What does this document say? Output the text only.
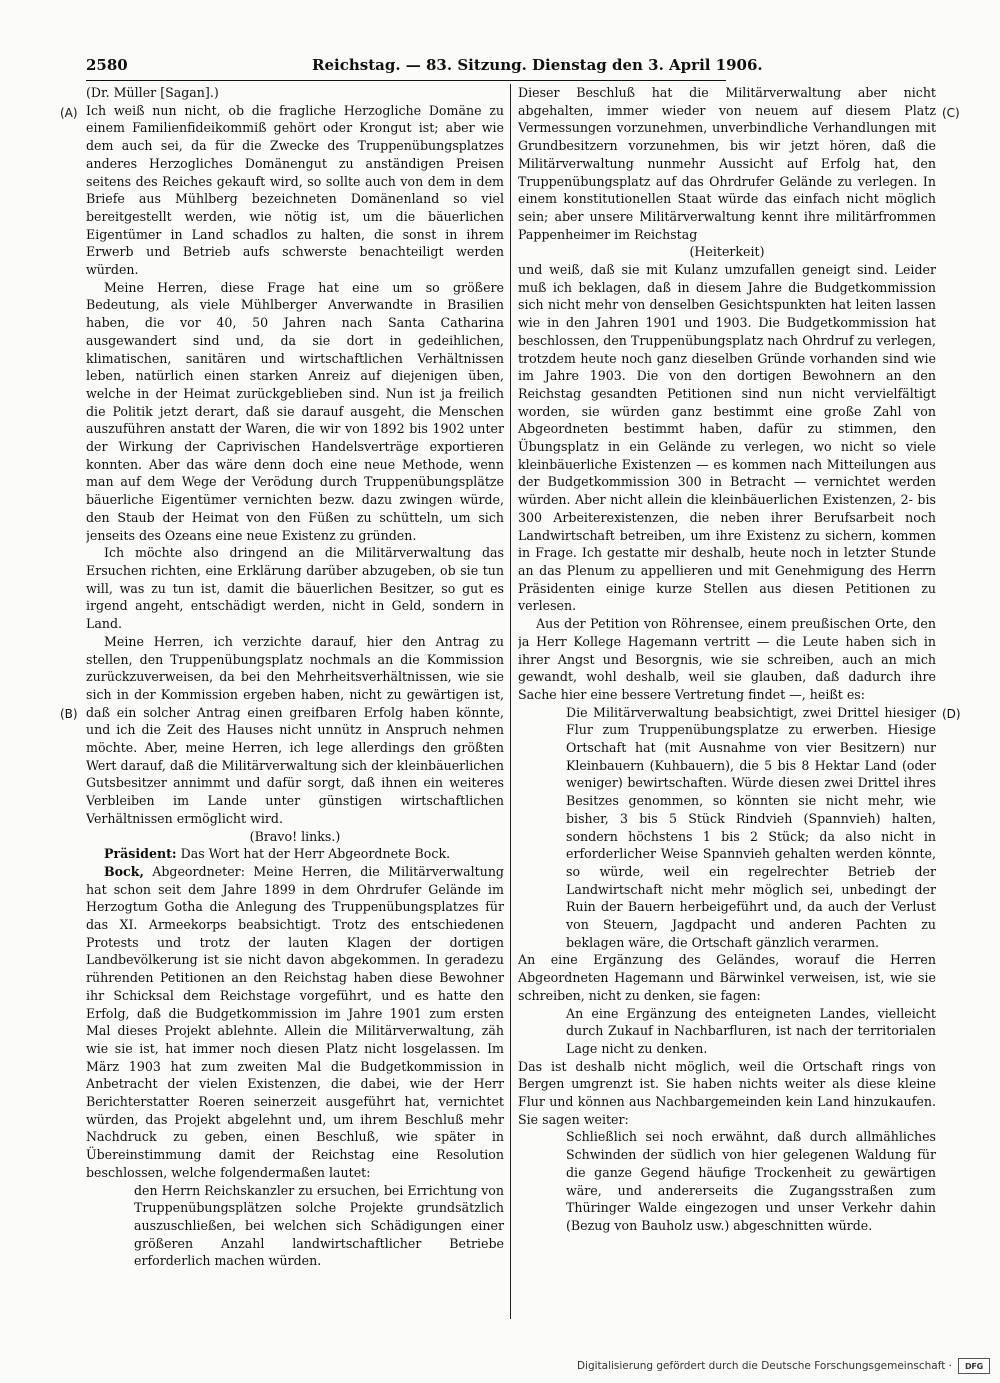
2580	Reichstag. — 83. Sitzung. Dienstag den 3. April 1906.
(A)
(B)
(C)
(D)

(Dr. Müller [Sagan].)

Ich weiß nun nicht, ob die fragliche Herzogliche Domäne zu einem Familienfideikommiß gehört oder Krongut ist; aber wie dem auch sei, da für die Zwecke des Truppenübungsplatzes anderes Herzogliches Domänengut zu anständigen Preisen seitens des Reiches gekauft wird, so sollte auch von dem in dem Briefe aus Mühlberg bezeichneten Domänenland so viel bereitgestellt werden, wie nötig ist, um die bäuerlichen Eigentümer in Land schadlos zu halten, die sonst in ihrem Erwerb und Betrieb aufs schwerste benachteiligt werden würden.

Meine Herren, diese Frage hat eine um so größere Bedeutung, als viele Mühlberger Anverwandte in Brasilien haben, die vor 40, 50 Jahren nach Santa Catharina ausgewandert sind und, da sie dort in gedeihlichen, klimatischen, sanitären und wirtschaftlichen Verhältnissen leben, natürlich einen starken Anreiz auf diejenigen üben, welche in der Heimat zurückgeblieben sind. Nun ist ja freilich die Politik jetzt derart, daß sie darauf ausgeht, die Menschen auszuführen anstatt der Waren, die wir von 1892 bis 1902 unter der Wirkung der Caprivischen Handelsverträge exportieren konnten. Aber das wäre denn doch eine neue Methode, wenn man auf dem Wege der Verödung durch Truppenübungsplätze bäuerliche Eigentümer vernichten bezw. dazu zwingen würde, den Staub der Heimat von den Füßen zu schütteln, um sich jenseits des Ozeans eine neue Existenz zu gründen.

Ich möchte also dringend an die Militärverwaltung das Ersuchen richten, eine Erklärung darüber abzugeben, ob sie tun will, was zu tun ist, damit die bäuerlichen Besitzer, so gut es irgend angeht, entschädigt werden, nicht in Geld, sondern in Land.

Meine Herren, ich verzichte darauf, hier den Antrag zu stellen, den Truppenübungsplatz nochmals an die Kommission zurückzuverweisen, da bei den Mehrheitsverhältnissen, wie sie sich in der Kommission ergeben haben, nicht zu gewärtigen ist, daß ein solcher Antrag einen greifbaren Erfolg haben könnte, und ich die Zeit des Hauses nicht unnütz in Anspruch nehmen möchte. Aber, meine Herren, ich lege allerdings den größten Wert darauf, daß die Militärverwaltung sich der kleinbäuerlichen Gutsbesitzer annimmt und dafür sorgt, daß ihnen ein weiteres Verbleiben im Lande unter günstigen wirtschaftlichen Verhältnissen ermöglicht wird.

(Bravo! links.)

Präsident: Das Wort hat der Herr Abgeordnete Bock.

Bock, Abgeordneter: Meine Herren, die Militärverwaltung hat schon seit dem Jahre 1899 in dem Ohrdrufer Gelände im Herzogtum Gotha die Anlegung des Truppenübungsplatzes für das XI. Armeekorps beabsichtigt. Trotz des entschiedenen Protests und trotz der lauten Klagen der dortigen Landbevölkerung ist sie nicht davon abgekommen. In geradezu rührenden Petitionen an den Reichstag haben diese Bewohner ihr Schicksal dem Reichstage vorgeführt, und es hatte den Erfolg, daß die Budgetkommission im Jahre 1901 zum ersten Mal dieses Projekt ablehnte. Allein die Militärverwaltung, zäh wie sie ist, hat immer noch diesen Platz nicht losgelassen. Im März 1903 hat zum zweiten Mal die Budgetkommission in Anbetracht der vielen Existenzen, die dabei, wie der Herr Berichterstatter Roeren seinerzeit ausgeführt hat, vernichtet würden, das Projekt abgelehnt und, um ihrem Beschluß mehr Nachdruck zu geben, einen Beschluß, wie später in Übereinstimmung damit der Reichstag eine Resolution beschlossen, welche folgendermaßen lautet:

den Herrn Reichskanzler zu ersuchen, bei Errichtung von Truppenübungsplätzen solche Projekte grundsätzlich auszuschließen, bei welchen sich Schädigungen einer größeren Anzahl landwirtschaftlicher Betriebe erforderlich machen würden.

Dieser Beschluß hat die Militärverwaltung aber nicht abgehalten, immer wieder von neuem auf diesem Platz Vermessungen vorzunehmen, unverbindliche Verhandlungen mit Grundbesitzern vorzunehmen, bis wir jetzt hören, daß die Militärverwaltung nunmehr Aussicht auf Erfolg hat, den Truppenübungsplatz auf das Ohrdrufer Gelände zu verlegen. In einem konstitutionellen Staat würde das einfach nicht möglich sein; aber unsere Militärverwaltung kennt ihre militärfrommen Pappenheimer im Reichstag

(Heiterkeit)

und weiß, daß sie mit Kulanz umzufallen geneigt sind. Leider muß ich beklagen, daß in diesem Jahre die Budgetkommission sich nicht mehr von denselben Gesichtspunkten hat leiten lassen wie in den Jahren 1901 und 1903. Die Budgetkommission hat beschlossen, den Truppenübungsplatz nach Ohrdruf zu verlegen, trotzdem heute noch ganz dieselben Gründe vorhanden sind wie im Jahre 1903. Die von den dortigen Bewohnern an den Reichstag gesandten Petitionen sind nun nicht vervielfältigt worden, sie würden ganz bestimmt eine große Zahl von Abgeordneten bestimmt haben, dafür zu stimmen, den Übungsplatz in ein Gelände zu verlegen, wo nicht so viele kleinbäuerliche Existenzen — es kommen nach Mitteilungen aus der Budgetkommission 300 in Betracht — vernichtet werden würden. Aber nicht allein die kleinbäuerlichen Existenzen, 2- bis 300 Arbeiterexistenzen, die neben ihrer Berufsarbeit noch Landwirtschaft betreiben, um ihre Existenz zu sichern, kommen in Frage. Ich gestatte mir deshalb, heute noch in letzter Stunde an das Plenum zu appellieren und mit Genehmigung des Herrn Präsidenten einige kurze Stellen aus diesen Petitionen zu verlesen.

Aus der Petition von Röhrensee, einem preußischen Orte, den ja Herr Kollege Hagemann vertritt — die Leute haben sich in ihrer Angst und Besorgnis, wie sie schreiben, auch an mich gewandt, wohl deshalb, weil sie glauben, daß dadurch ihre Sache hier eine bessere Vertretung findet —, heißt es:

Die Militärverwaltung beabsichtigt, zwei Drittel hiesiger Flur zum Truppenübungsplatze zu erwerben. Hiesige Ortschaft hat (mit Ausnahme von vier Besitzern) nur Kleinbauern (Kuhbauern), die 5 bis 8 Hektar Land (oder weniger) bewirtschaften. Würde diesen zwei Drittel ihres Besitzes genommen, so könnten sie nicht mehr, wie bisher, 3 bis 5 Stück Rindvieh (Spannvieh) halten, sondern höchstens 1 bis 2 Stück; da also nicht in erforderlicher Weise Spannvieh gehalten werden könnte, so würde, weil ein regelrechter Betrieb der Landwirtschaft nicht mehr möglich sei, unbedingt der Ruin der Bauern herbeigeführt und, da auch der Verlust von Steuern, Jagdpacht und anderen Pachten zu beklagen wäre, die Ortschaft gänzlich verarmen.

An eine Ergänzung des Geländes, worauf die Herren Abgeordneten Hagemann und Bärwinkel verweisen, ist, wie sie schreiben, nicht zu denken, sie fagen:

An eine Ergänzung des enteigneten Landes, vielleicht durch Zukauf in Nachbarfluren, ist nach der territorialen Lage nicht zu denken.

Das ist deshalb nicht möglich, weil die Ortschaft rings von Bergen umgrenzt ist. Sie haben nichts weiter als diese kleine Flur und können aus Nachbargemeinden kein Land hinzukaufen. Sie sagen weiter:

Schließlich sei noch erwähnt, daß durch allmähliches Schwinden der südlich von hier gelegenen Waldung für die ganze Gegend häufige Trockenheit zu gewärtigen wäre, und andererseits die Zugangsstraßen zum Thüringer Walde eingezogen und unser Verkehr dahin (Bezug von Bauholz usw.) abgeschnitten würde.

Digitalisierung gefördert durch die Deutsche Forschungsgemeinschaft ·	DFG
